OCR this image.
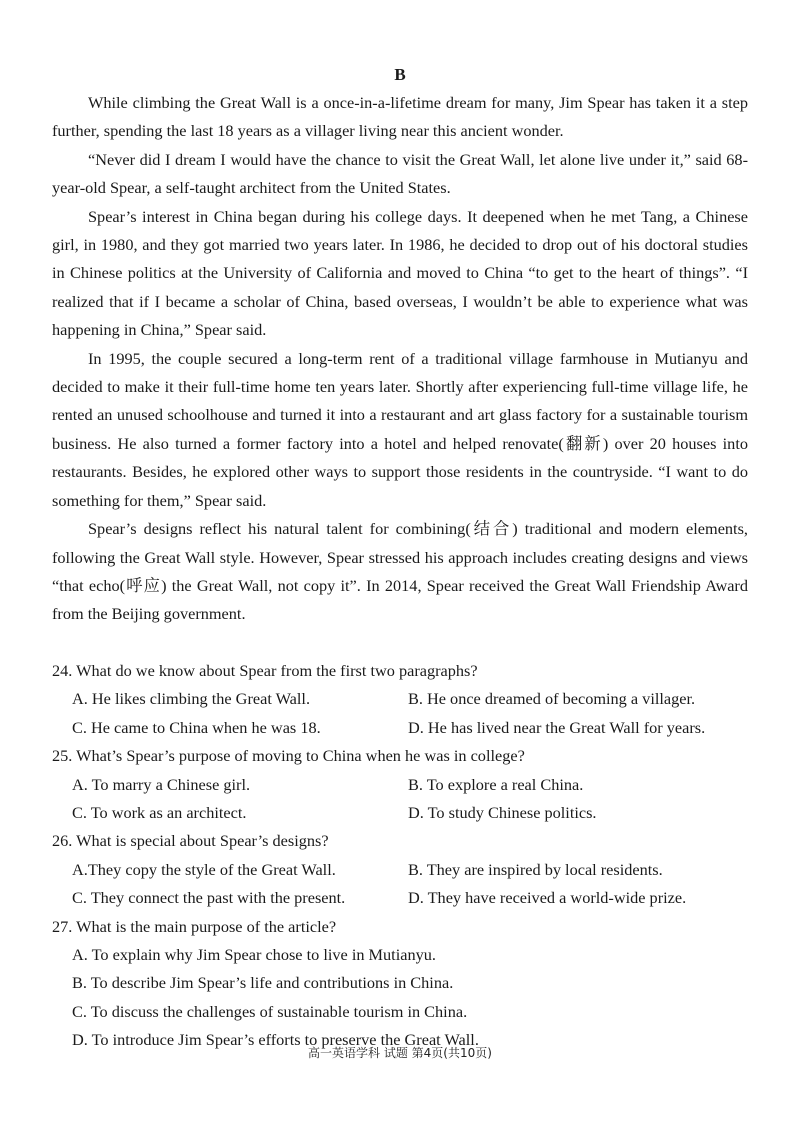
B

While climbing the Great Wall is a once-in-a-lifetime dream for many, Jim Spear has taken it a step further, spending the last 18 years as a villager living near this ancient wonder.

“Never did I dream I would have the chance to visit the Great Wall, let alone live under it,” said 68-year-old Spear, a self-taught architect from the United States.

Spear’s interest in China began during his college days. It deepened when he met Tang, a Chinese girl, in 1980, and they got married two years later. In 1986, he decided to drop out of his doctoral studies in Chinese politics at the University of California and moved to China “to get to the heart of things”. “I realized that if I became a scholar of China, based overseas, I wouldn’t be able to experience what was happening in China,” Spear said.

In 1995, the couple secured a long-term rent of a traditional village farmhouse in Mutianyu and decided to make it their full-time home ten years later. Shortly after experiencing full-time village life, he rented an unused schoolhouse and turned it into a restaurant and art glass factory for a sustainable tourism business. He also turned a former factory into a hotel and helped renovate(翻新) over 20 houses into restaurants. Besides, he explored other ways to support those residents in the countryside. “I want to do something for them,” Spear said.

Spear’s designs reflect his natural talent for combining(结合) traditional and modern elements, following the Great Wall style. However, Spear stressed his approach includes creating designs and views “that echo(呼应) the Great Wall, not copy it”. In 2014, Spear received the Great Wall Friendship Award from the Beijing government.

24. What do we know about Spear from the first two paragraphs?
A. He likes climbing the Great Wall.	B. He once dreamed of becoming a villager.
C. He came to China when he was 18.	D. He has lived near the Great Wall for years.
25. What’s Spear’s purpose of moving to China when he was in college?
A. To marry a Chinese girl.	B. To explore a real China.
C. To work as an architect.	D. To study Chinese politics.
26. What is special about Spear’s designs?
A.They copy the style of the Great Wall.	B. They are inspired by local residents.
C. They connect the past with the present.	D. They have received a world-wide prize.
27. What is the main purpose of the article?
A. To explain why Jim Spear chose to live in Mutianyu.
B. To describe Jim Spear’s life and contributions in China.
C. To discuss the challenges of sustainable tourism in China.
D. To introduce Jim Spear’s efforts to preserve the Great Wall.
高一英语学科 试题 第4页(共10页)
